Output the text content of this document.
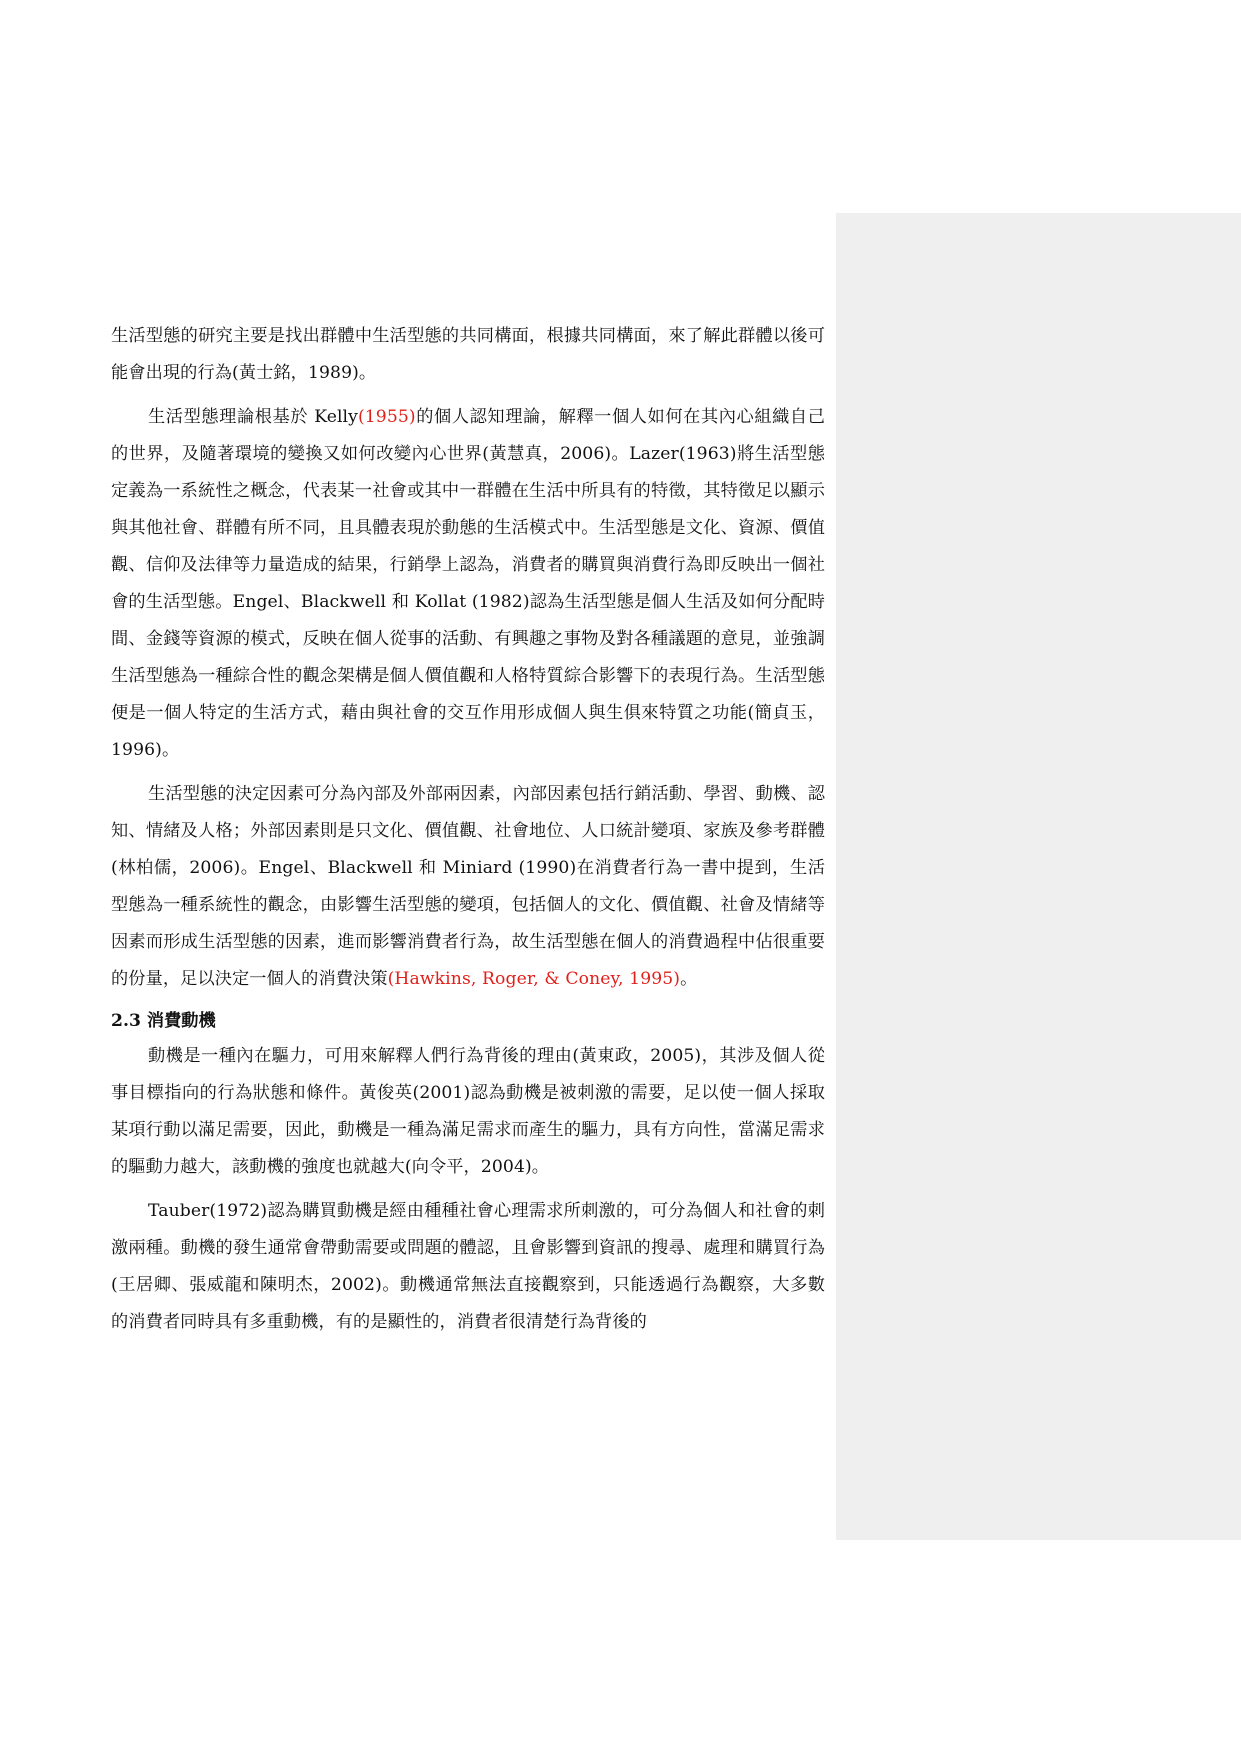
生活型態的研究主要是找出群體中生活型態的共同構面，根據共同構面，來了解此群體以後可能會出現的行為(黃士銘，1989)。

生活型態理論根基於 Kelly(1955)的個人認知理論，解釋一個人如何在其內心組織自己的世界，及隨著環境的變換又如何改變內心世界(黃慧真，2006)。Lazer(1963)將生活型態定義為一系統性之概念，代表某一社會或其中一群體在生活中所具有的特徵，其特徵足以顯示與其他社會、群體有所不同，且具體表現於動態的生活模式中。生活型態是文化、資源、價值觀、信仰及法律等力量造成的結果，行銷學上認為，消費者的購買與消費行為即反映出一個社會的生活型態。Engel、Blackwell 和 Kollat (1982)認為生活型態是個人生活及如何分配時間、金錢等資源的模式，反映在個人從事的活動、有興趣之事物及對各種議題的意見，並強調生活型態為一種綜合性的觀念架構是個人價值觀和人格特質綜合影響下的表現行為。生活型態便是一個人特定的生活方式，藉由與社會的交互作用形成個人與生俱來特質之功能(簡貞玉，1996)。

生活型態的決定因素可分為內部及外部兩因素，內部因素包括行銷活動、學習、動機、認知、情緒及人格；外部因素則是只文化、價值觀、社會地位、人口統計變項、家族及參考群體(林柏儒，2006)。Engel、Blackwell 和 Miniard (1990)在消費者行為一書中提到，生活型態為一種系統性的觀念，由影響生活型態的變項，包括個人的文化、價值觀、社會及情緒等因素而形成生活型態的因素，進而影響消費者行為，故生活型態在個人的消費過程中佔很重要的份量，足以決定一個人的消費決策(Hawkins, Roger, & Coney, 1995)。

2.3 消費動機

動機是一種內在驅力，可用來解釋人們行為背後的理由(黃東政，2005)，其涉及個人從事目標指向的行為狀態和條件。黃俊英(2001)認為動機是被刺激的需要，足以使一個人採取某項行動以滿足需要，因此，動機是一種為滿足需求而產生的驅力，具有方向性，當滿足需求的驅動力越大，該動機的強度也就越大(向令平，2004)。

Tauber(1972)認為購買動機是經由種種社會心理需求所刺激的，可分為個人和社會的刺激兩種。動機的發生通常會帶動需要或問題的體認，且會影響到資訊的搜尋、處理和購買行為(王居卿、張威龍和陳明杰，2002)。動機通常無法直接觀察到，只能透過行為觀察，大多數的消費者同時具有多重動機，有的是顯性的，消費者很清楚行為背後的
